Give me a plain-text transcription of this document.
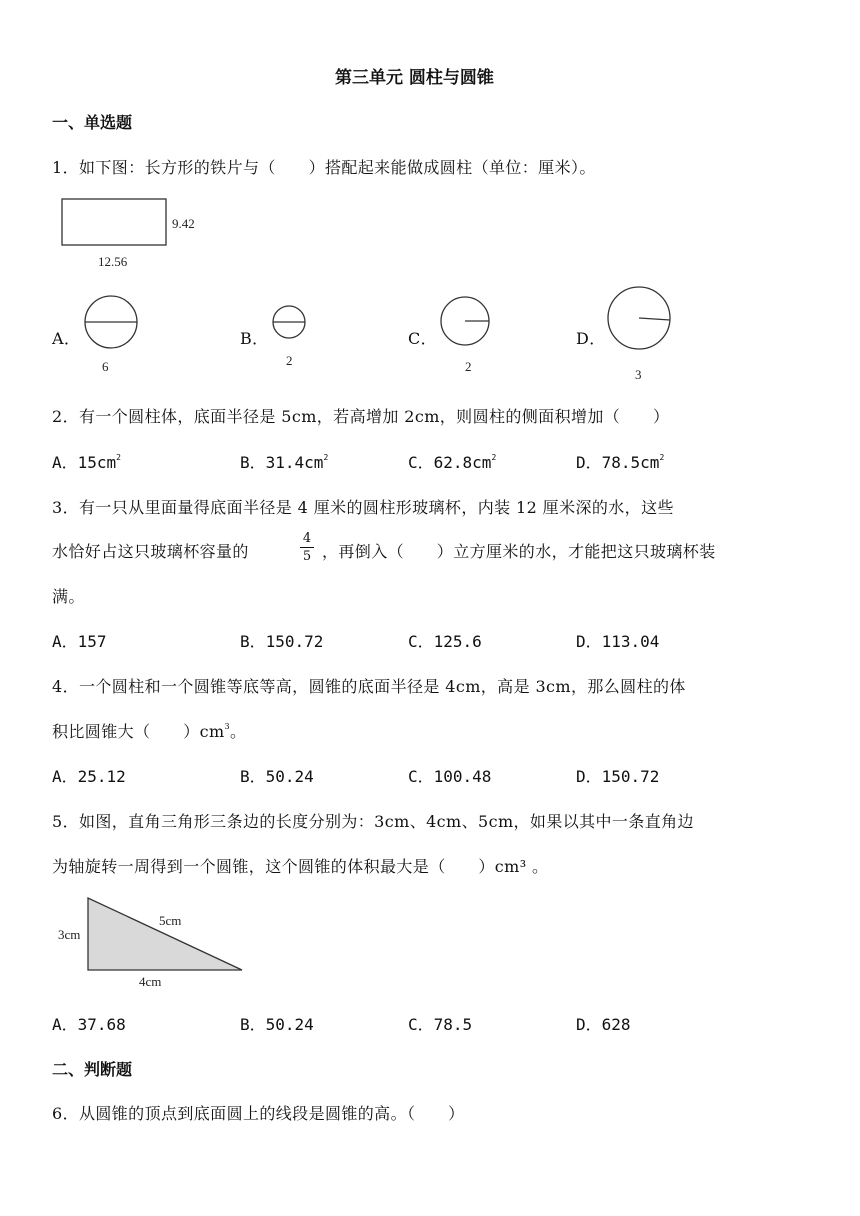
第三单元 圆柱与圆锥
一、单选题
1．如下图：长方形的铁片与（　　）搭配起来能做成圆柱（单位：厘米）。
9.42
12.56
A．
6
B．
2
C．
2
D．
3
2．有一个圆柱体，底面半径是 5cm，若高增加 2cm，则圆柱的侧面积增加（　　）
A．$15cm^2$	B．$31.4cm^2$	C．$62.8cm^2$	D．$78.5cm^2$
3．有一只从里面量得底面半径是 4 厘米的圆柱形玻璃杯，内装 12 厘米深的水，这些
水恰好占这只玻璃杯容量的
4
5 ，再倒入（　　）立方厘米的水，才能把这只玻璃杯装
满。
A．157	B．150.72	C．125.6	D．113.04
4．一个圆柱和一个圆锥等底等高，圆锥的底面半径是 4cm，高是 3cm，那么圆柱的体
积比圆锥大（　　）$cm^3$。
A．25.12	B．50.24	C．100.48	D．150.72
5．如图，直角三角形三条边的长度分别为：3cm、4cm、5cm，如果以其中一条直角边
为轴旋转一周得到一个圆锥，这个圆锥的体积最大是（　　）cm³ 。
3cm
5cm
4cm
A．37.68	B．50.24	C．78.5	D．628
二、判断题
6．从圆锥的顶点到底面圆上的线段是圆锥的高。（　　）
